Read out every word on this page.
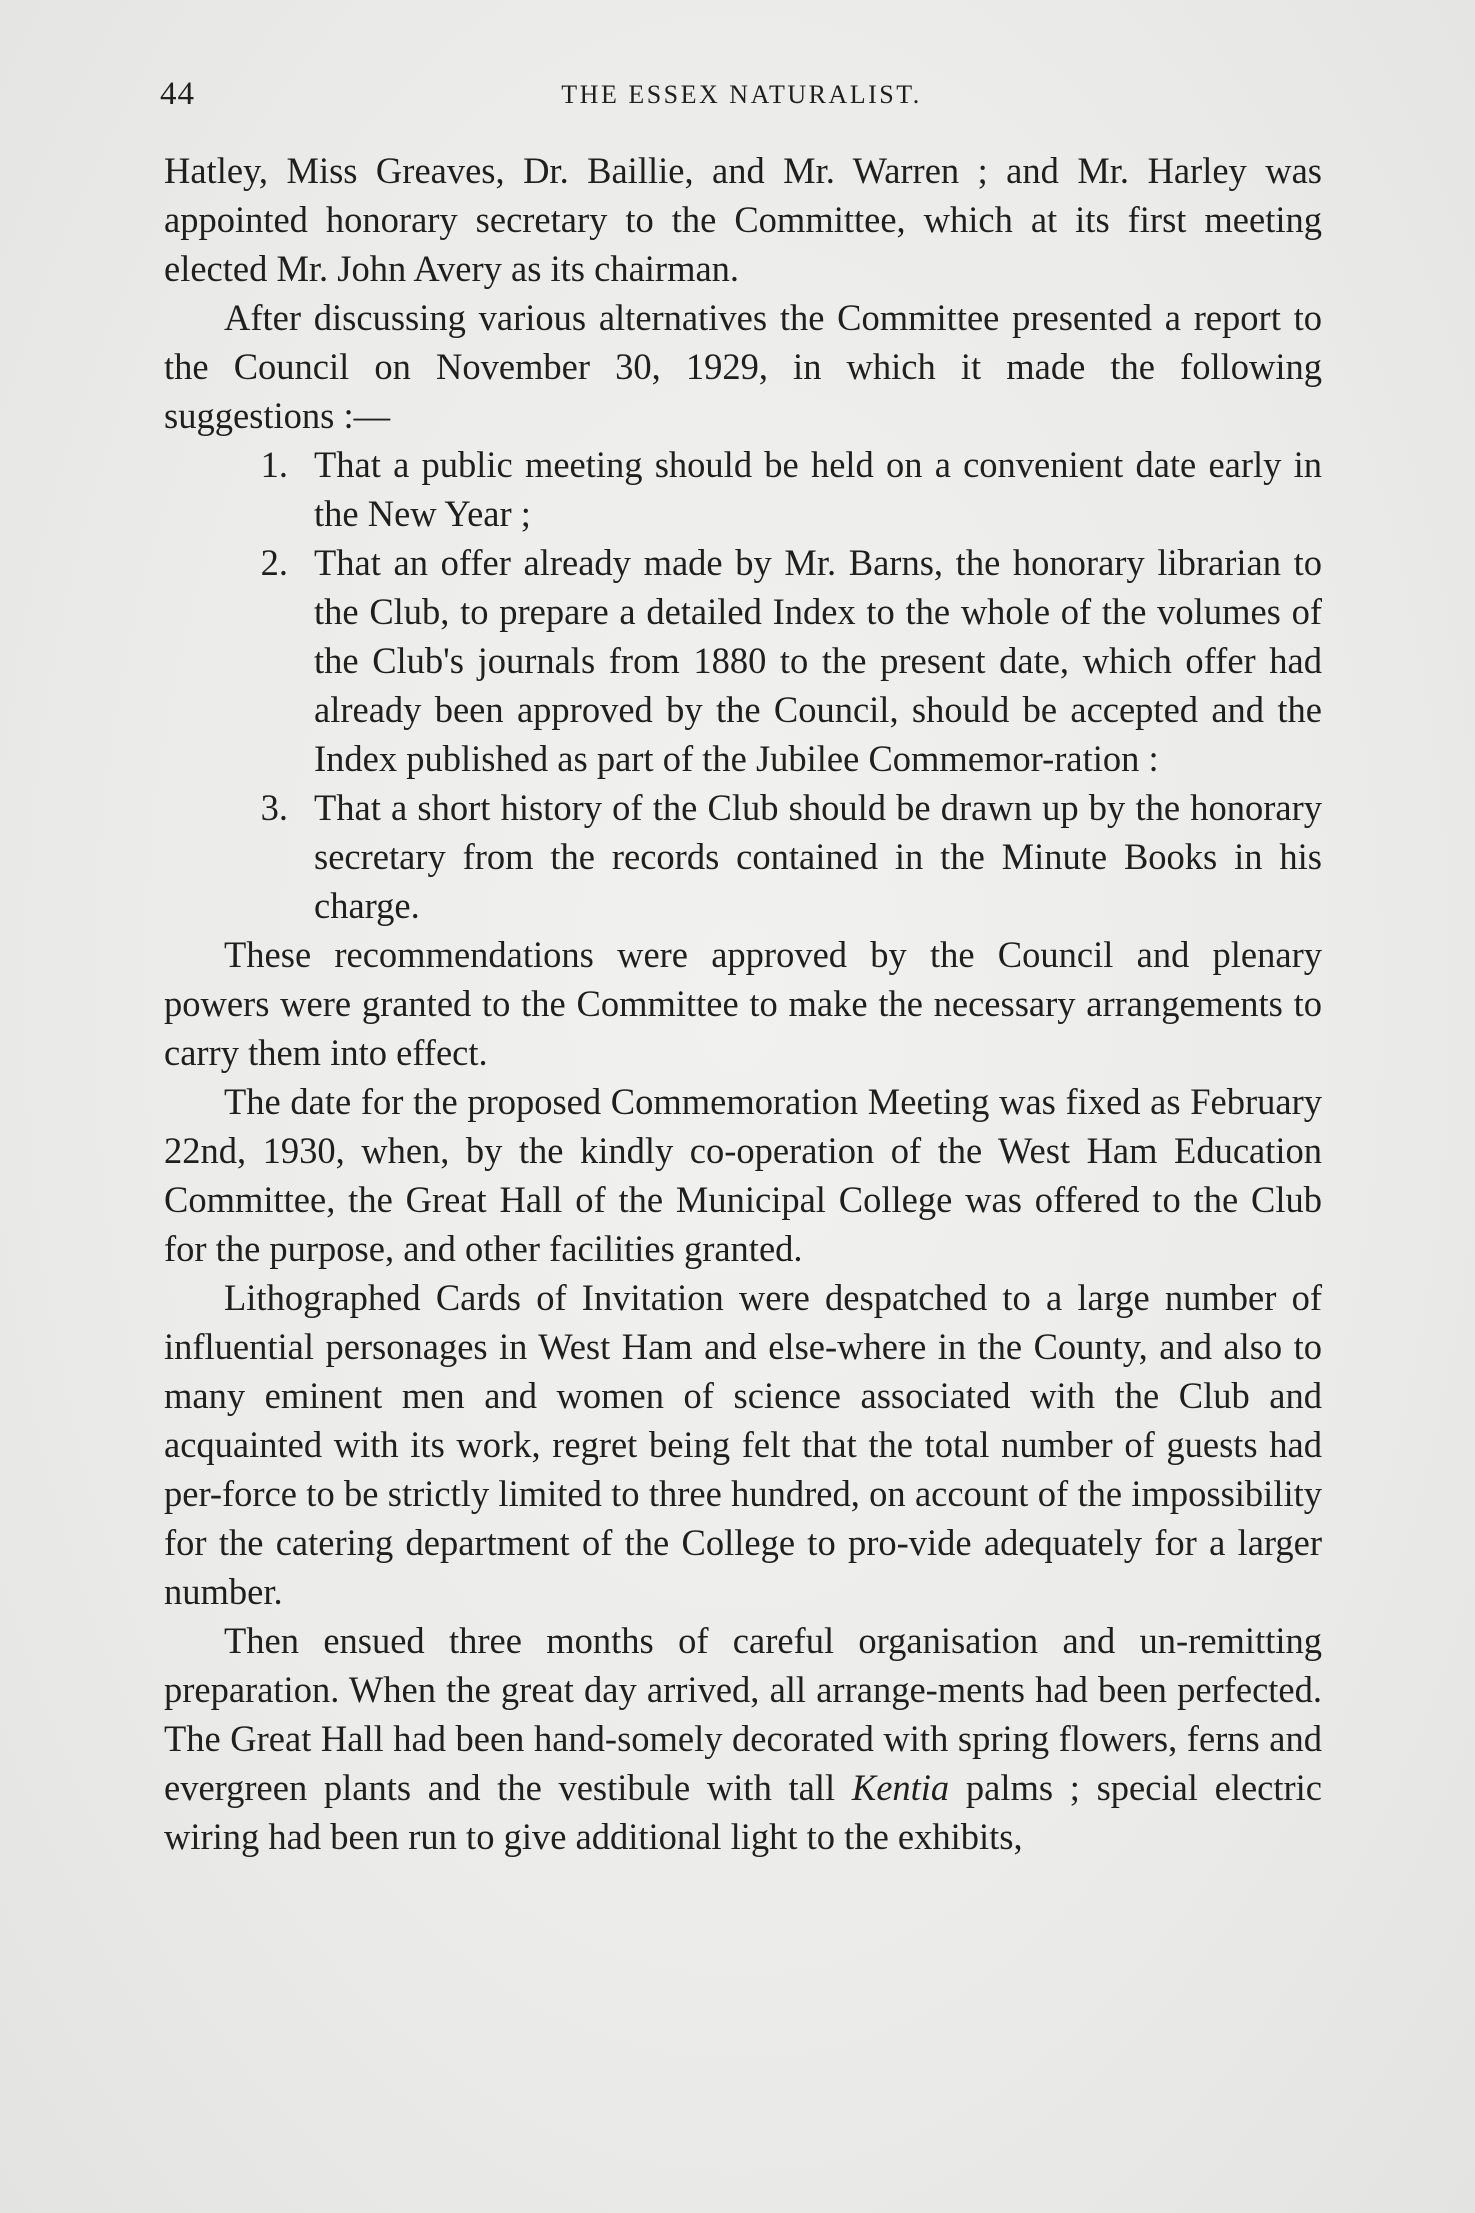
44	THE ESSEX NATURALIST.

Hatley, Miss Greaves, Dr. Baillie, and Mr. Warren ; and Mr. Harley was appointed honorary secretary to the Committee, which at its first meeting elected Mr. John Avery as its chairman.

After discussing various alternatives the Committee presented a report to the Council on November 30, 1929, in which it made the following suggestions :—

1. That a public meeting should be held on a convenient date early in the New Year ;
2. That an offer already made by Mr. Barns, the honorary librarian to the Club, to prepare a detailed Index to the whole of the volumes of the Club's journals from 1880 to the present date, which offer had already been approved by the Council, should be accepted and the Index published as part of the Jubilee Commemor-ration :
3. That a short history of the Club should be drawn up by the honorary secretary from the records contained in the Minute Books in his charge.

These recommendations were approved by the Council and plenary powers were granted to the Committee to make the necessary arrangements to carry them into effect.

The date for the proposed Commemoration Meeting was fixed as February 22nd, 1930, when, by the kindly co-operation of the West Ham Education Committee, the Great Hall of the Municipal College was offered to the Club for the purpose, and other facilities granted.

Lithographed Cards of Invitation were despatched to a large number of influential personages in West Ham and else-where in the County, and also to many eminent men and women of science associated with the Club and acquainted with its work, regret being felt that the total number of guests had per-force to be strictly limited to three hundred, on account of the impossibility for the catering department of the College to pro-vide adequately for a larger number.

Then ensued three months of careful organisation and un-remitting preparation. When the great day arrived, all arrange-ments had been perfected. The Great Hall had been hand-somely decorated with spring flowers, ferns and evergreen plants and the vestibule with tall Kentia palms ; special electric wiring had been run to give additional light to the exhibits,
